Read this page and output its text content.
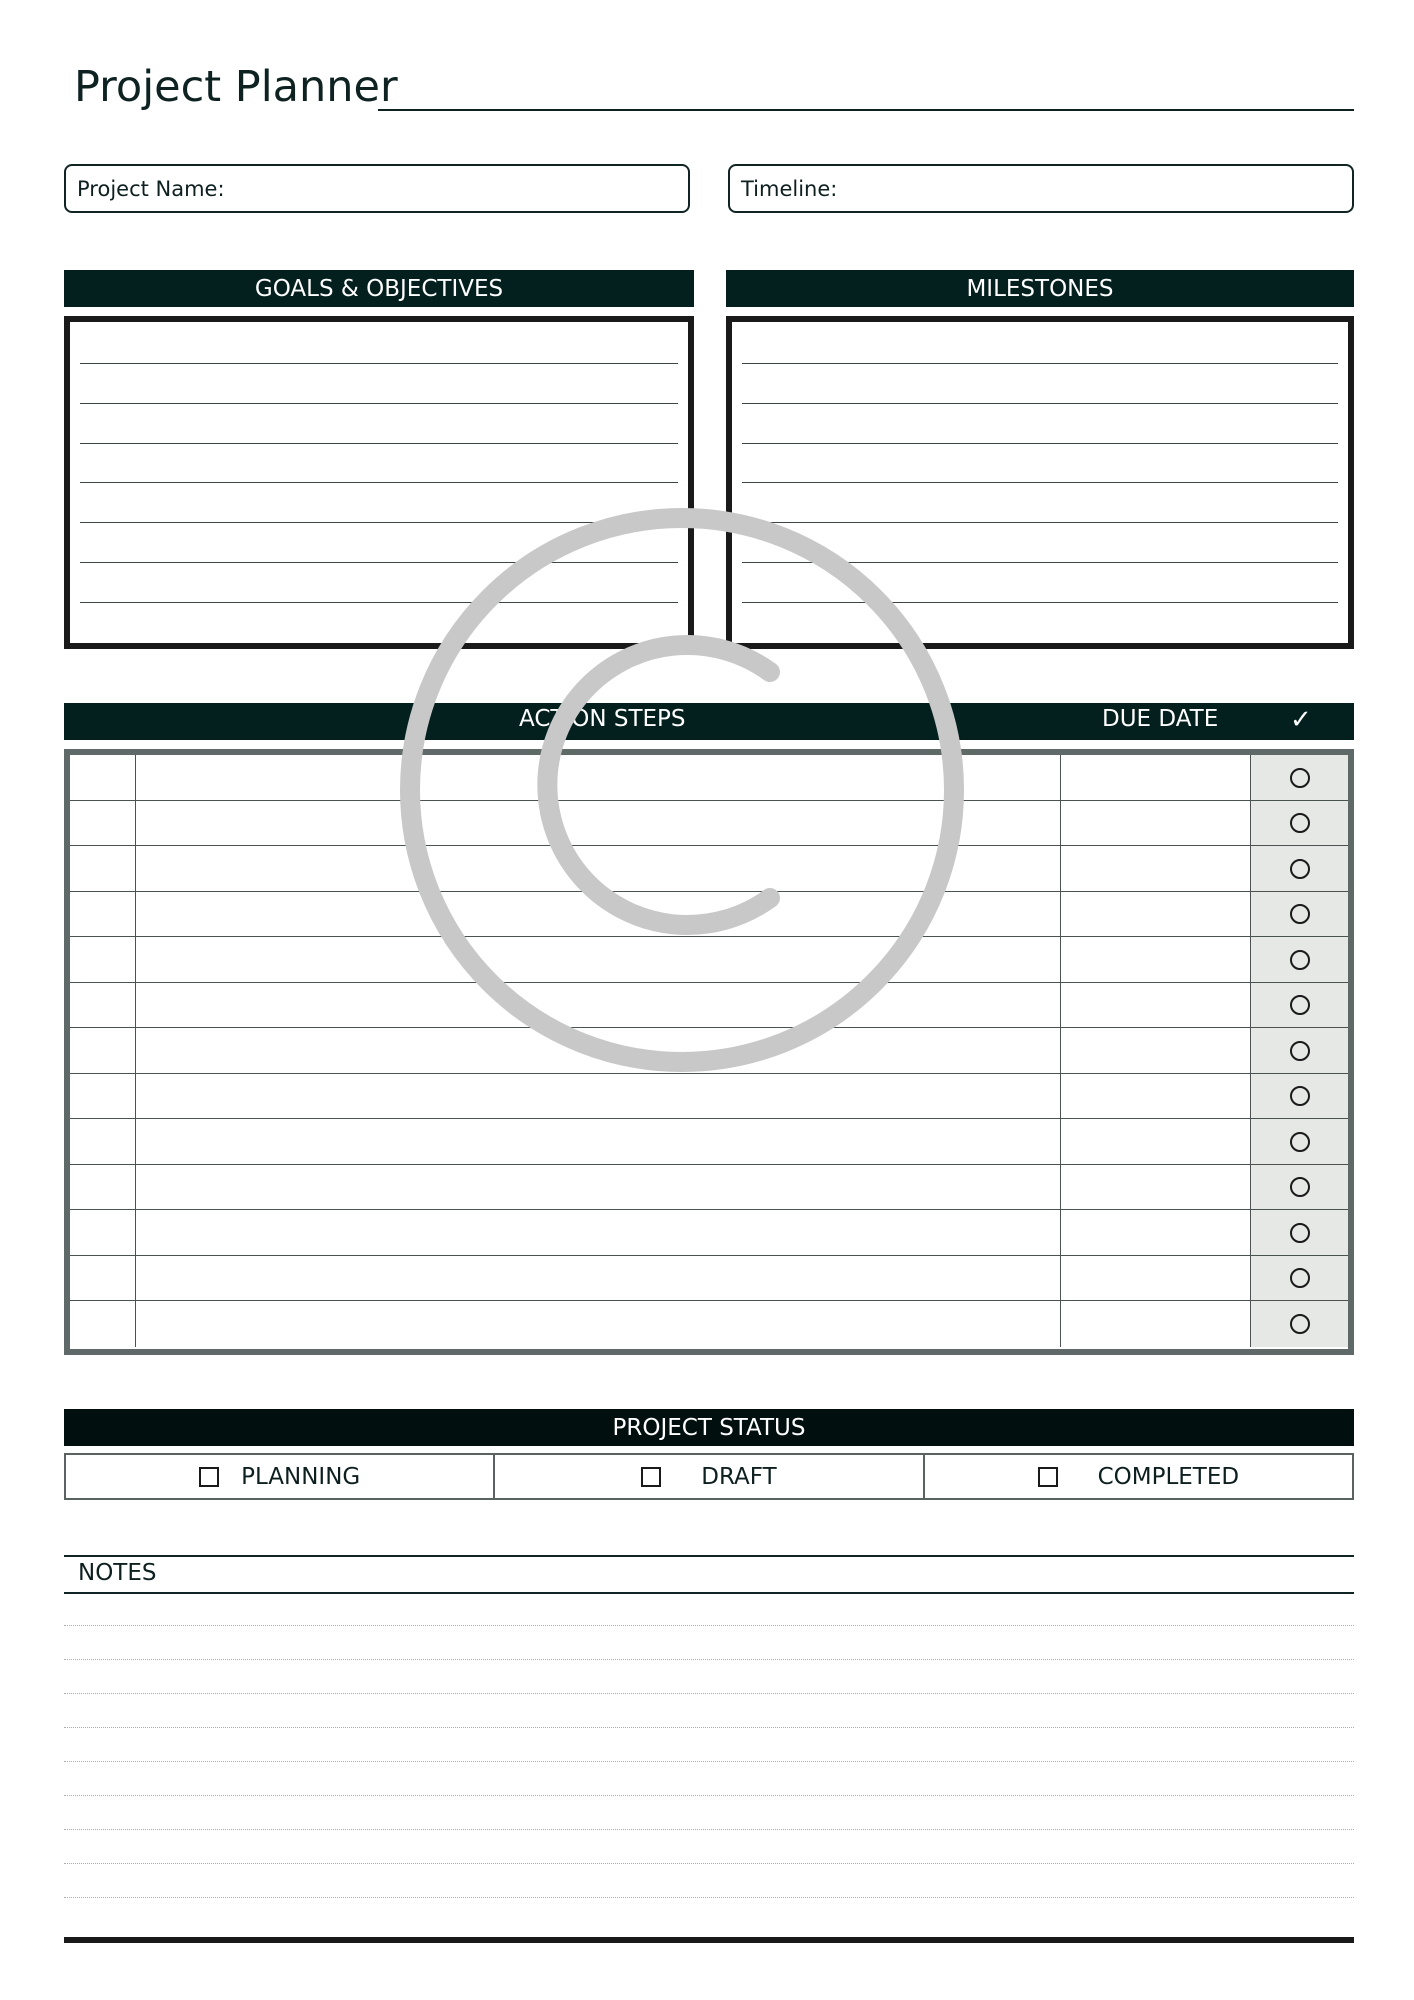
Project Planner
Project Name:	Timeline:
GOALS & OBJECTIVES	MILESTONES
ACTION STEPS	DUE DATE	✓
PROJECT STATUS
PLANNING	DRAFT	COMPLETED
NOTES
